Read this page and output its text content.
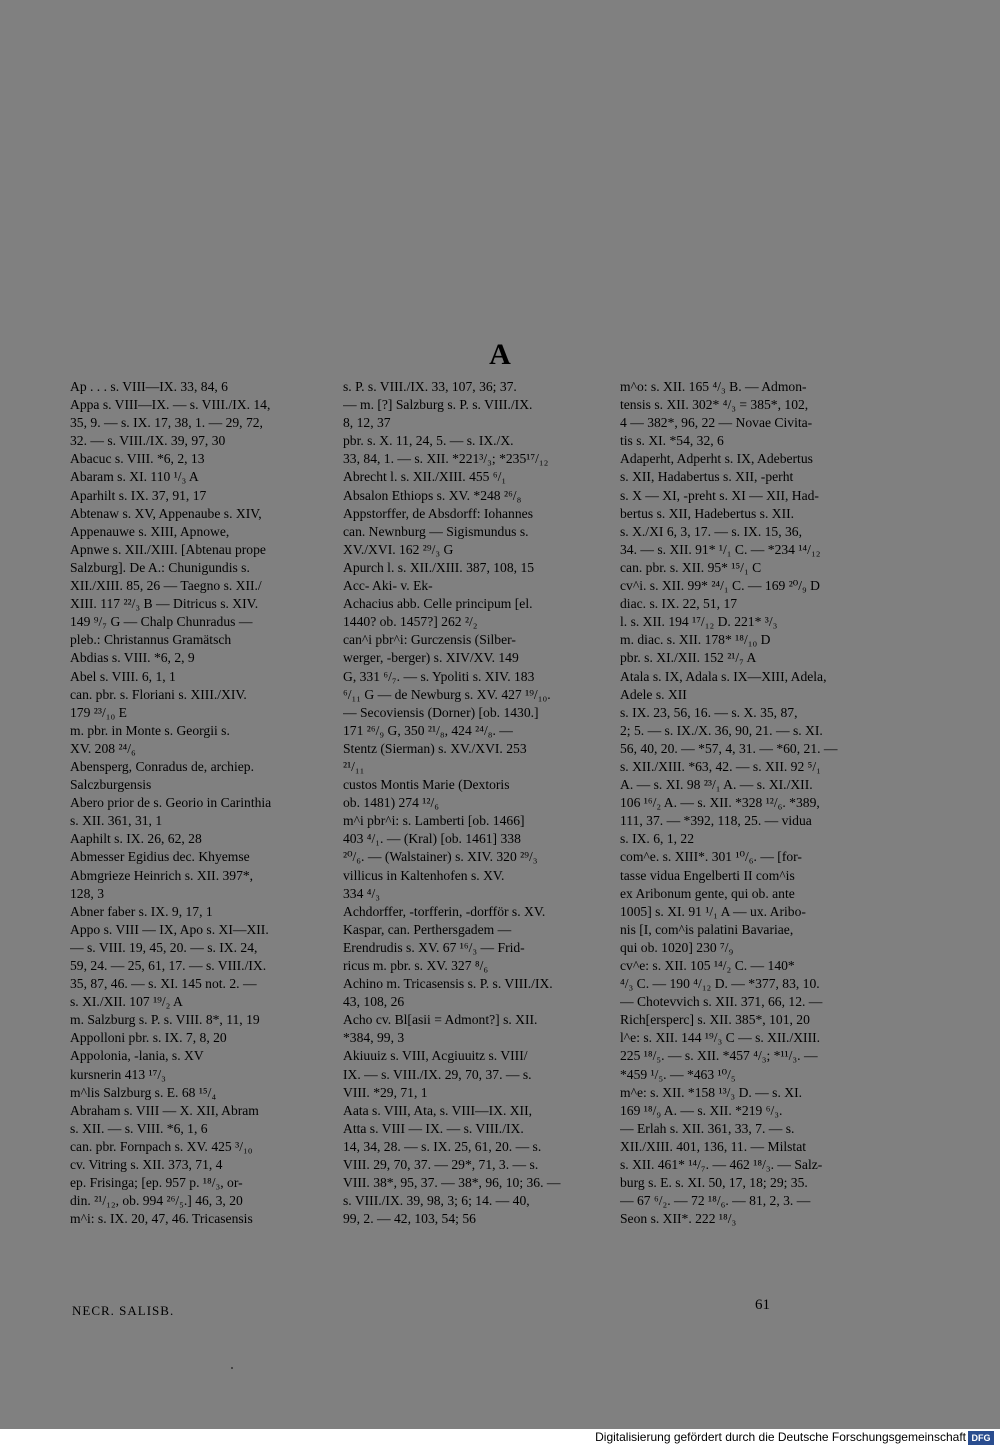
A

Ap . . . s. VIII—IX. 33, 84, 6

Appa s. VIII—IX. — s. VIII./IX. 14,

35, 9. — s. IX. 17, 38, 1. — 29, 72,

32. — s. VIII./IX. 39, 97, 30

Abacuc s. VIII. *6, 2, 13

Abaram s. XI. 110 ¹/₃ A

Aparhilt s. IX. 37, 91, 17

Abtenaw s. XV, Appenaube s. XIV,

Appenauwe s. XIII, Apnowe,

Apnwe s. XII./XIII. [Abtenau prope

Salzburg]. De A.: Chunigundis s.

XII./XIII. 85, 26 — Taegno s. XII./

XIII. 117 ²²/₃ B — Ditricus s. XIV.

149 ⁹/₇ G — Chalp Chunradus —

pleb.: Christannus Gramätsch

Abdias s. VIII. *6, 2, 9

Abel s. VIII. 6, 1, 1

can. pbr. s. Floriani s. XIII./XIV.

179 ²³/₁₀ E

m. pbr. in Monte s. Georgii s.

XV. 208 ²⁴/₆

Abensperg, Conradus de, archiep.

Salczburgensis

Abero prior de s. Georio in Carinthia

s. XII. 361, 31, 1

Aaphilt s. IX. 26, 62, 28

Abmesser Egidius dec. Khyemse

Abmgrieze Heinrich s. XII. 397*,

128, 3

Abner faber s. IX. 9, 17, 1

Appo s. VIII — IX, Apo s. XI—XII.

— s. VIII. 19, 45, 20. — s. IX. 24,

59, 24. — 25, 61, 17. — s. VIII./IX.

35, 87, 46. — s. XI. 145 not. 2. —

s. XI./XII. 107 ¹⁹/₂ A

m. Salzburg s. P. s. VIII. 8*, 11, 19

Appolloni pbr. s. IX. 7, 8, 20

Appolonia, -lania, s. XV

kursnerin 413 ¹⁷/₃

m^lis Salzburg s. E. 68 ¹⁵/₄

Abraham s. VIII — X. XII, Abram

s. XII. — s. VIII. *6, 1, 6

can. pbr. Fornpach s. XV. 425 ³/₁₀

cv. Vitring s. XII. 373, 71, 4

ep. Frisinga; [ep. 957 p. ¹⁸/₃, or-

din. ²¹/₁₂, ob. 994 ²⁶/₅.] 46, 3, 20

m^i: s. IX. 20, 47, 46. Tricasensis

s. P. s. VIII./IX. 33, 107, 36; 37.

— m. [?] Salzburg s. P. s. VIII./IX.

8, 12, 37

pbr. s. X. 11, 24, 5. — s. IX./X.

33, 84, 1. — s. XII. *221³/₃; *235¹⁷/₁₂

Abrecht l. s. XII./XIII. 455 ⁶/₁

Absalon Ethiops s. XV. *248 ²⁶/₈

Appstorffer, de Absdorff: Iohannes

can. Newnburg — Sigismundus s.

XV./XVI. 162 ²⁹/₃ G

Apurch l. s. XII./XIII. 387, 108, 15

Acc- Aki- v. Ek-

Achacius abb. Celle principum [el.

1440? ob. 1457?] 262 ²/₂

can^i pbr^i: Gurczensis (Silber-

werger, -berger) s. XIV/XV. 149

G, 331 ⁶/₇. — s. Ypoliti s. XIV. 183

⁶/₁₁ G — de Newburg s. XV. 427 ¹⁹/₁₀.

— Secoviensis (Dorner) [ob. 1430.]

171 ²⁶/₉ G, 350 ²¹/₈, 424 ²⁴/₈. —

Stentz (Sierman) s. XV./XVI. 253

²¹/₁₁

custos Montis Marie (Dextoris

ob. 1481) 274 ¹²/₆

m^i pbr^i: s. Lamberti [ob. 1466]

403 ⁴/₁. — (Kral) [ob. 1461] 338

²⁰/₆. — (Walstainer) s. XIV. 320 ²⁹/₃

villicus in Kaltenhofen s. XV.

334 ⁴/₃

Achdorffer, -torfferin, -dorfför s. XV.

Kaspar, can. Perthersgadem —

Erendrudis s. XV. 67 ¹⁶/₃ — Frid-

ricus m. pbr. s. XV. 327 ⁸/₆

Achino m. Tricasensis s. P. s. VIII./IX.

43, 108, 26

Acho cv. Bl[asii = Admont?] s. XII.

*384, 99, 3

Akiuuiz s. VIII, Acgiuuitz s. VIII/

IX. — s. VIII./IX. 29, 70, 37. — s.

VIII. *29, 71, 1

Aata s. VIII, Ata, s. VIII—IX. XII,

Atta s. VIII — IX. — s. VIII./IX.

14, 34, 28. — s. IX. 25, 61, 20. — s.

VIII. 29, 70, 37. — 29*, 71, 3. — s.

VIII. 38*, 95, 37. — 38*, 96, 10; 36. —

s. VIII./IX. 39, 98, 3; 6; 14. — 40,

99, 2. — 42, 103, 54; 56

m^o: s. XII. 165 ⁴/₃ B. — Admon-

tensis s. XII. 302* ⁴/₃ = 385*, 102,

4 — 382*, 96, 22 — Novae Civita-

tis s. XI. *54, 32, 6

Adaperht, Adperht s. IX, Adebertus

s. XII, Hadabertus s. XII, -perht

s. X — XI, -preht s. XI — XII, Had-

bertus s. XII, Hadebertus s. XII.

s. X./XI 6, 3, 17. — s. IX. 15, 36,

34. — s. XII. 91* ¹/₁ C. — *234 ¹⁴/₁₂

can. pbr. s. XII. 95* ¹⁵/₁ C

cv^i. s. XII. 99* ²⁴/₁ C. — 169 ²⁰/₉ D

diac. s. IX. 22, 51, 17

l. s. XII. 194 ¹⁷/₁₂ D. 221* ³/₃

m. diac. s. XII. 178* ¹⁸/₁₀ D

pbr. s. XI./XII. 152 ²¹/₇ A

Atala s. IX, Adala s. IX—XIII, Adela,

Adele s. XII

s. IX. 23, 56, 16. — s. X. 35, 87,

2; 5. — s. IX./X. 36, 90, 21. — s. XI.

56, 40, 20. — *57, 4, 31. — *60, 21. —

s. XII./XIII. *63, 42. — s. XII. 92 ⁵/₁

A. — s. XI. 98 ²³/₁ A. — s. XI./XII.

106 ¹⁶/₂ A. — s. XII. *328 ¹²/₆. *389,

111, 37. — *392, 118, 25. — vidua

s. IX. 6, 1, 22

com^e. s. XIII*. 301 ¹⁰/₆. — [for-

tasse vidua Engelberti II com^is

ex Aribonum gente, qui ob. ante

1005] s. XI. 91 ¹/₁ A — ux. Aribo-

nis [I, com^is palatini Bavariae,

qui ob. 1020] 230 ⁷/₉

cv^e: s. XII. 105 ¹⁴/₂ C. — 140*

⁴/₃ C. — 190 ⁴/₁₂ D. — *377, 83, 10.

— Chotevvich s. XII. 371, 66, 12. —

Rich[ersperc] s. XII. 385*, 101, 20

l^e: s. XII. 144 ¹⁹/₃ C — s. XII./XIII.

225 ¹⁸/₅. — s. XII. *457 ⁴/₃; *¹¹/₃. —

*459 ¹/₅. — *463 ¹⁰/₅

m^e: s. XII. *158 ¹³/₃ D. — s. XI.

169 ¹⁸/₉ A. — s. XII. *219 ⁶/₃.

— Erlah s. XII. 361, 33, 7. — s.

XII./XIII. 401, 136, 11. — Milstat

s. XII. 461* ¹⁴/₇. — 462 ¹⁸/₃. — Salz-

burg s. E. s. XI. 50, 17, 18; 29; 35.

— 67 ⁶/₂. — 72 ¹⁸/₆. — 81, 2, 3. —

Seon s. XII*. 222 ¹⁸/₃

NECR. SALISB.	61
Digitalisierung gefördert durch die Deutsche Forschungsgemeinschaft DFG
